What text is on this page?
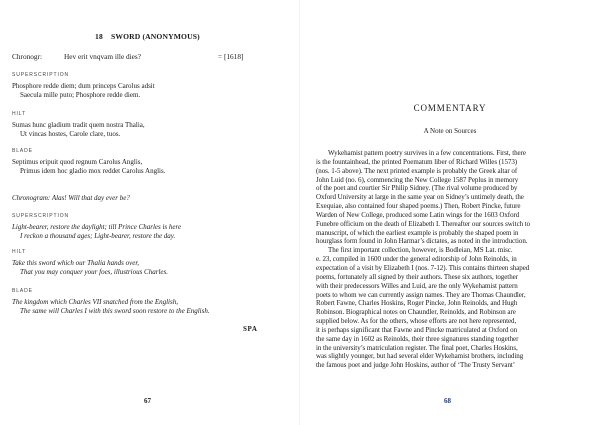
18 SWORD (ANONYMOUS)
Chronogr:	Hev erit vnqvam ille dies?	= [1618]
SUPERSCRIPTION
Phosphore redde diem; dum princeps Carolus adsit
Saecula mille puto; Phosphore redde diem.
HILT
Sumas hunc gladium tradit quem nostra Thalia,
Ut vincas hostes, Carole clare, tuos.
BLADE
Septimus eripuit quod regnum Carolus Anglis,
Primus idem hoc gladio mox reddet Carolus Anglis.
Chronogram: Alas! Will that day ever be?
SUPERSCRIPTION
Light-bearer, restore the daylight; till Prince Charles is here
I reckon a thousand ages; Light-bearer, restore the day.
HILT
Take this sword which our Thalia hands over,
That you may conquer your foes, illustrious Charles.
BLADE
The kingdom which Charles VII snatched from the English,
The same will Charles I with this sword soon restore to the English.
SPA
67
COMMENTARY
A Note on Sources
Wykehamist pattern poetry survives in a few concentrations. First, there
is the fountainhead, the printed Poematum liber of Richard Willes (1573)
(nos. 1-5 above). The next printed example is probably the Greek altar of
John Luid (no. 6), commencing the New College 1587 Peplus in memory
of the poet and courtier Sir Philip Sidney. (The rival volume produced by
Oxford University at large in the same year on Sidney’s untimely death, the
Exequiae, also contained four shaped poems.) Then, Robert Pincke, future
Warden of New College, produced some Latin wings for the 1603 Oxford
Funebre officium on the death of Elizabeth I. Thereafter our sources switch to
manuscript, of which the earliest example is probably the shaped poem in
hourglass form found in John Harmar’s dictates, as noted in the introduction.
The first important collection, however, is Bodleian, MS Lat. misc.
e. 23, compiled in 1600 under the general editorship of John Reinolds, in
expectation of a visit by Elizabeth I (nos. 7-12). This contains thirteen shaped
poems, fortunately all signed by their authors. These six authors, together
with their predecessors Willes and Luid, are the only Wykehamist pattern
poets to whom we can currently assign names. They are Thomas Chaundler,
Robert Fawne, Charles Hoskins, Roger Pincke, John Reinolds, and Hugh
Robinson. Biographical notes on Chaundler, Reinolds, and Robinson are
supplied below. As for the others, whose efforts are not here represented,
it is perhaps significant that Fawne and Pincke matriculated at Oxford on
the same day in 1602 as Reinolds, their three signatures standing together
in the university’s matriculation register. The final poet, Charles Hoskins,
was slightly younger, but had several elder Wykehamist brothers, including
the famous poet and judge John Hoskins, author of ‘The Trusty Servant’
68
